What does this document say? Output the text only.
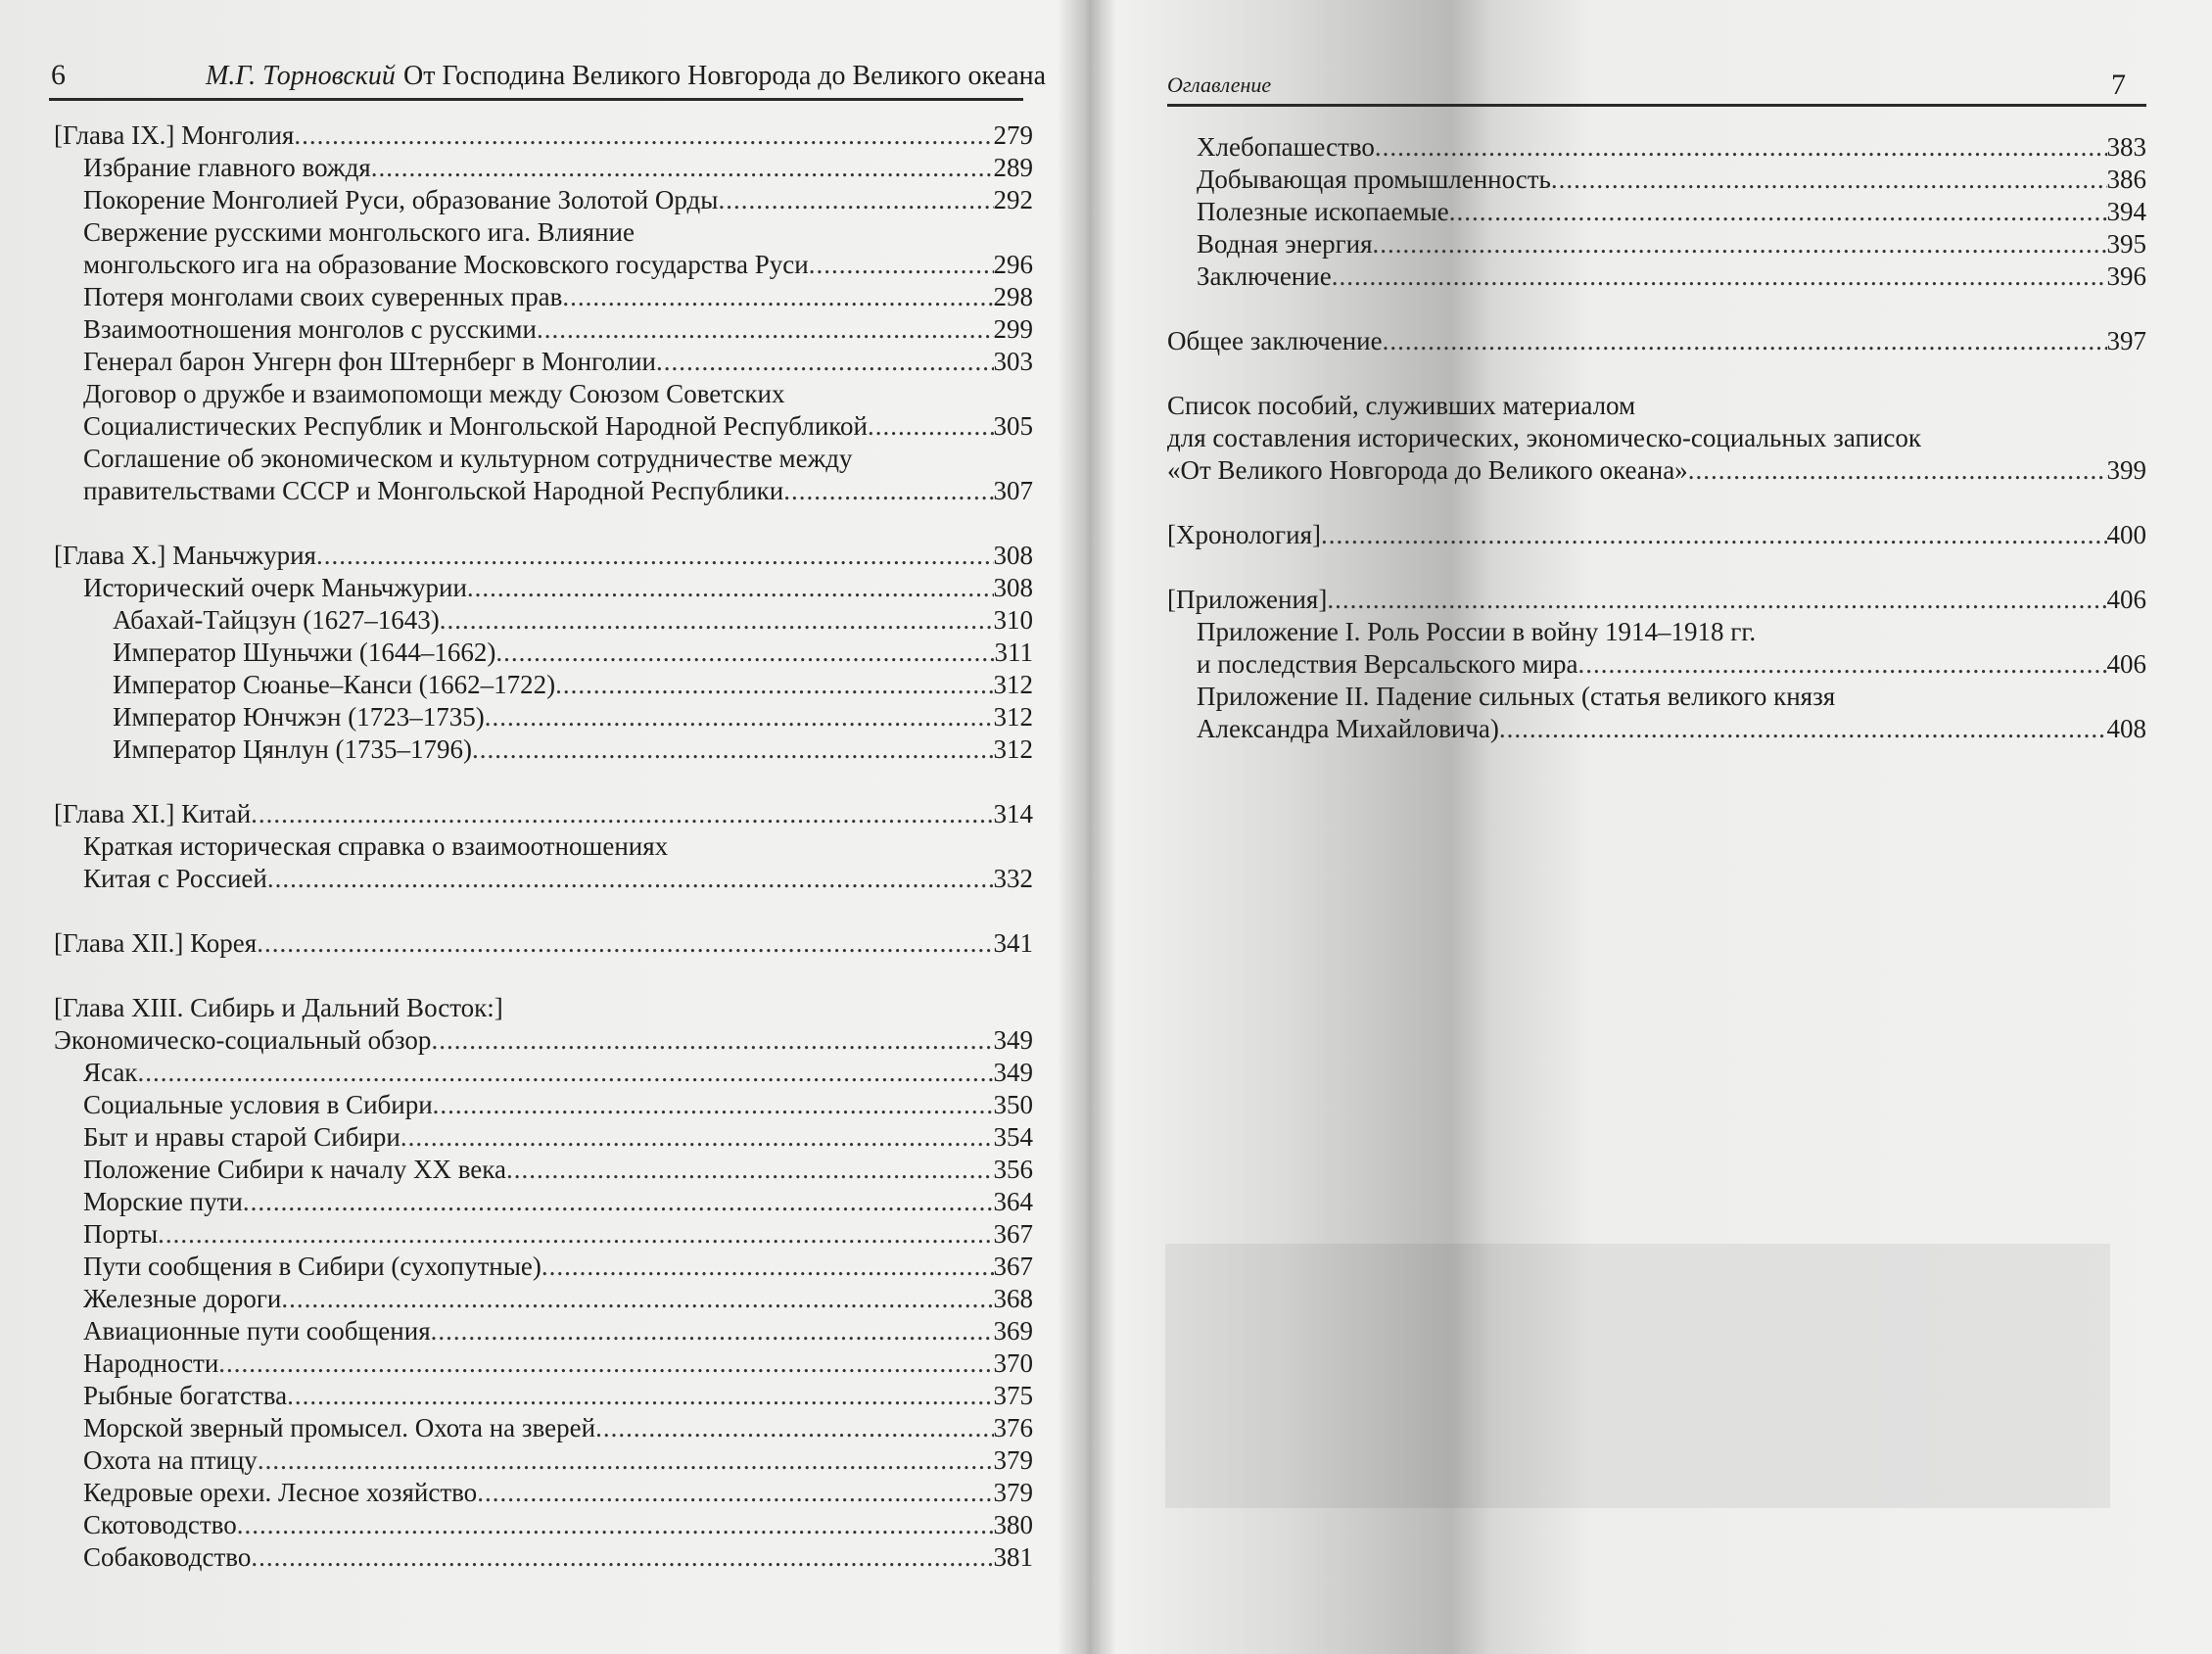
6	М.Г. Торновский От Господина Великого Новгорода до Великого океана
[Глава IX.] Монголия .....	279
Избрание главного вождя .....	289
Покорение Монголией Руси, образование Золотой Орды .....	292
Свержение русскими монгольского ига. Влияние
монгольского ига на образование Московского государства Руси .....	296
Потеря монголами своих суверенных прав .....	298
Взаимоотношения монголов с русскими .....	299
Генерал барон Унгерн фон Штернберг в Монголии .....	303
Договор о дружбе и взаимопомощи между Союзом Советских
Социалистических Республик и Монгольской Народной Республикой .....	305
Соглашение об экономическом и культурном сотрудничестве между
правительствами СССР и Монгольской Народной Республики .....	307
[Глава X.] Маньчжурия .....	308
Исторический очерк Маньчжурии .....	308
Абахай-Тайцзун (1627–1643) .....	310
Император Шуньчжи (1644–1662) .....	311
Император Сюанье–Канси (1662–1722) .....	312
Император Юнчжэн (1723–1735) .....	312
Император Цянлун (1735–1796) .....	312
[Глава XI.] Китай .....	314
Краткая историческая справка о взаимоотношениях
Китая с Россией .....	332
[Глава XII.] Корея .....	341
[Глава XIII. Сибирь и Дальний Восток:]
Экономическо-социальный обзор .....	349
Ясак .....	349
Социальные условия в Сибири .....	350
Быт и нравы старой Сибири .....	354
Положение Сибири к началу XX века .....	356
Морские пути .....	364
Порты .....	367
Пути сообщения в Сибири (сухопутные) .....	367
Железные дороги .....	368
Авиационные пути сообщения .....	369
Народности .....	370
Рыбные богатства .....	375
Морской зверный промысел. Охота на зверей .....	376
Охота на птицу .....	379
Кедровые орехи. Лесное хозяйство .....	379
Скотоводство .....	380
Собаководство .....	381
Оглавление	7
Хлебопашество .....	383
Добывающая промышленность .....	386
Полезные ископаемые .....	394
Водная энергия .....	395
Заключение .....	396
Общее заключение .....	397
Список пособий, служивших материалом
для составления исторических, экономическо-социальных записок
«От Великого Новгорода до Великого океана» .....	399
[Хронология] .....	400
[Приложения] .....	406
Приложение I. Роль России в войну 1914–1918 гг.
и последствия Версальского мира .....	406
Приложение II. Падение сильных (статья великого князя
Александра Михайловича) .....	408
